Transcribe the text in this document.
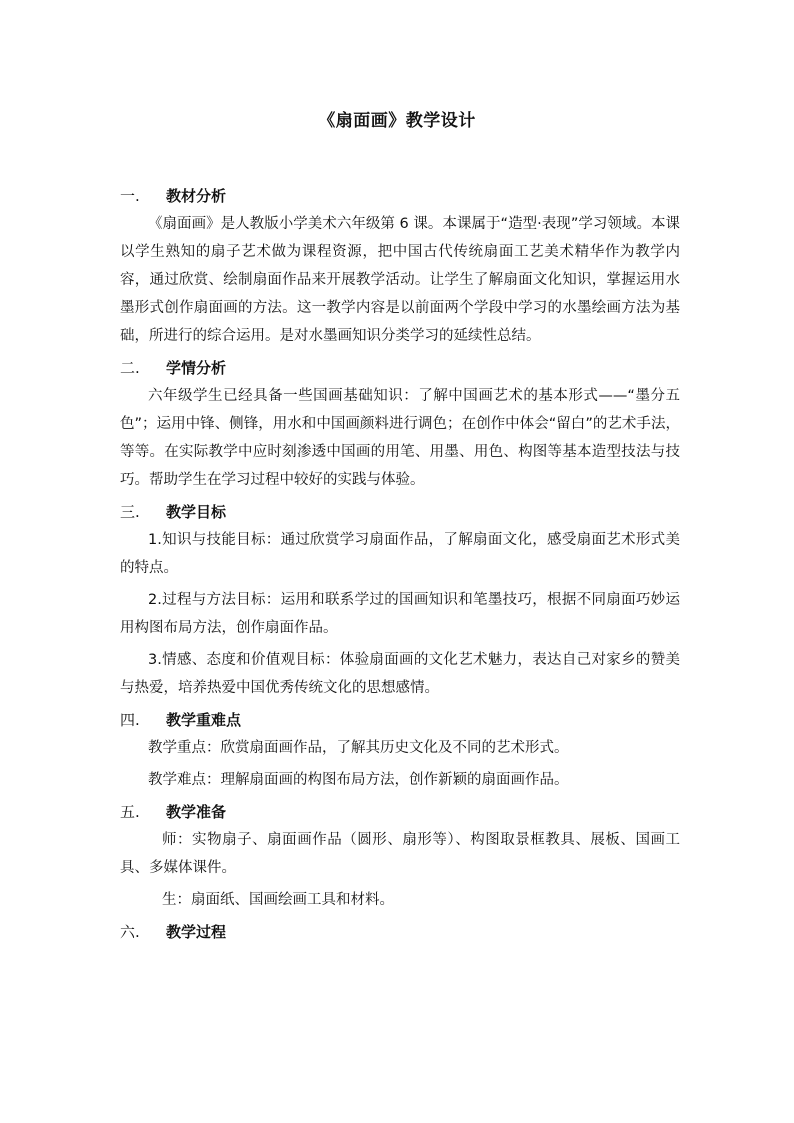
《扇面画》教学设计
一.	教材分析
《扇面画》是人教版小学美术六年级第 6 课。本课属于“造型·表现”学习领域。本课以学生熟知的扇子艺术做为课程资源，把中国古代传统扇面工艺美术精华作为教学内容，通过欣赏、绘制扇面作品来开展教学活动。让学生了解扇面文化知识，掌握运用水墨形式创作扇面画的方法。这一教学内容是以前面两个学段中学习的水墨绘画方法为基础，所进行的综合运用。是对水墨画知识分类学习的延续性总结。
二.	学情分析
六年级学生已经具备一些国画基础知识：了解中国画艺术的基本形式——“墨分五色”；运用中锋、侧锋，用水和中国画颜料进行调色；在创作中体会“留白”的艺术手法，等等。在实际教学中应时刻渗透中国画的用笔、用墨、用色、构图等基本造型技法与技巧。帮助学生在学习过程中较好的实践与体验。
三.	教学目标
1.知识与技能目标：通过欣赏学习扇面作品，了解扇面文化，感受扇面艺术形式美的特点。
2.过程与方法目标：运用和联系学过的国画知识和笔墨技巧，根据不同扇面巧妙运用构图布局方法，创作扇面作品。
3.情感、态度和价值观目标：体验扇面画的文化艺术魅力，表达自己对家乡的赞美与热爱，培养热爱中国优秀传统文化的思想感情。
四.	教学重难点
教学重点：欣赏扇面画作品，了解其历史文化及不同的艺术形式。
教学难点：理解扇面画的构图布局方法，创作新颖的扇面画作品。
五.	教学准备
师：实物扇子、扇面画作品（圆形、扇形等）、构图取景框教具、展板、国画工具、多媒体课件。
生：扇面纸、国画绘画工具和材料。
六.	教学过程
